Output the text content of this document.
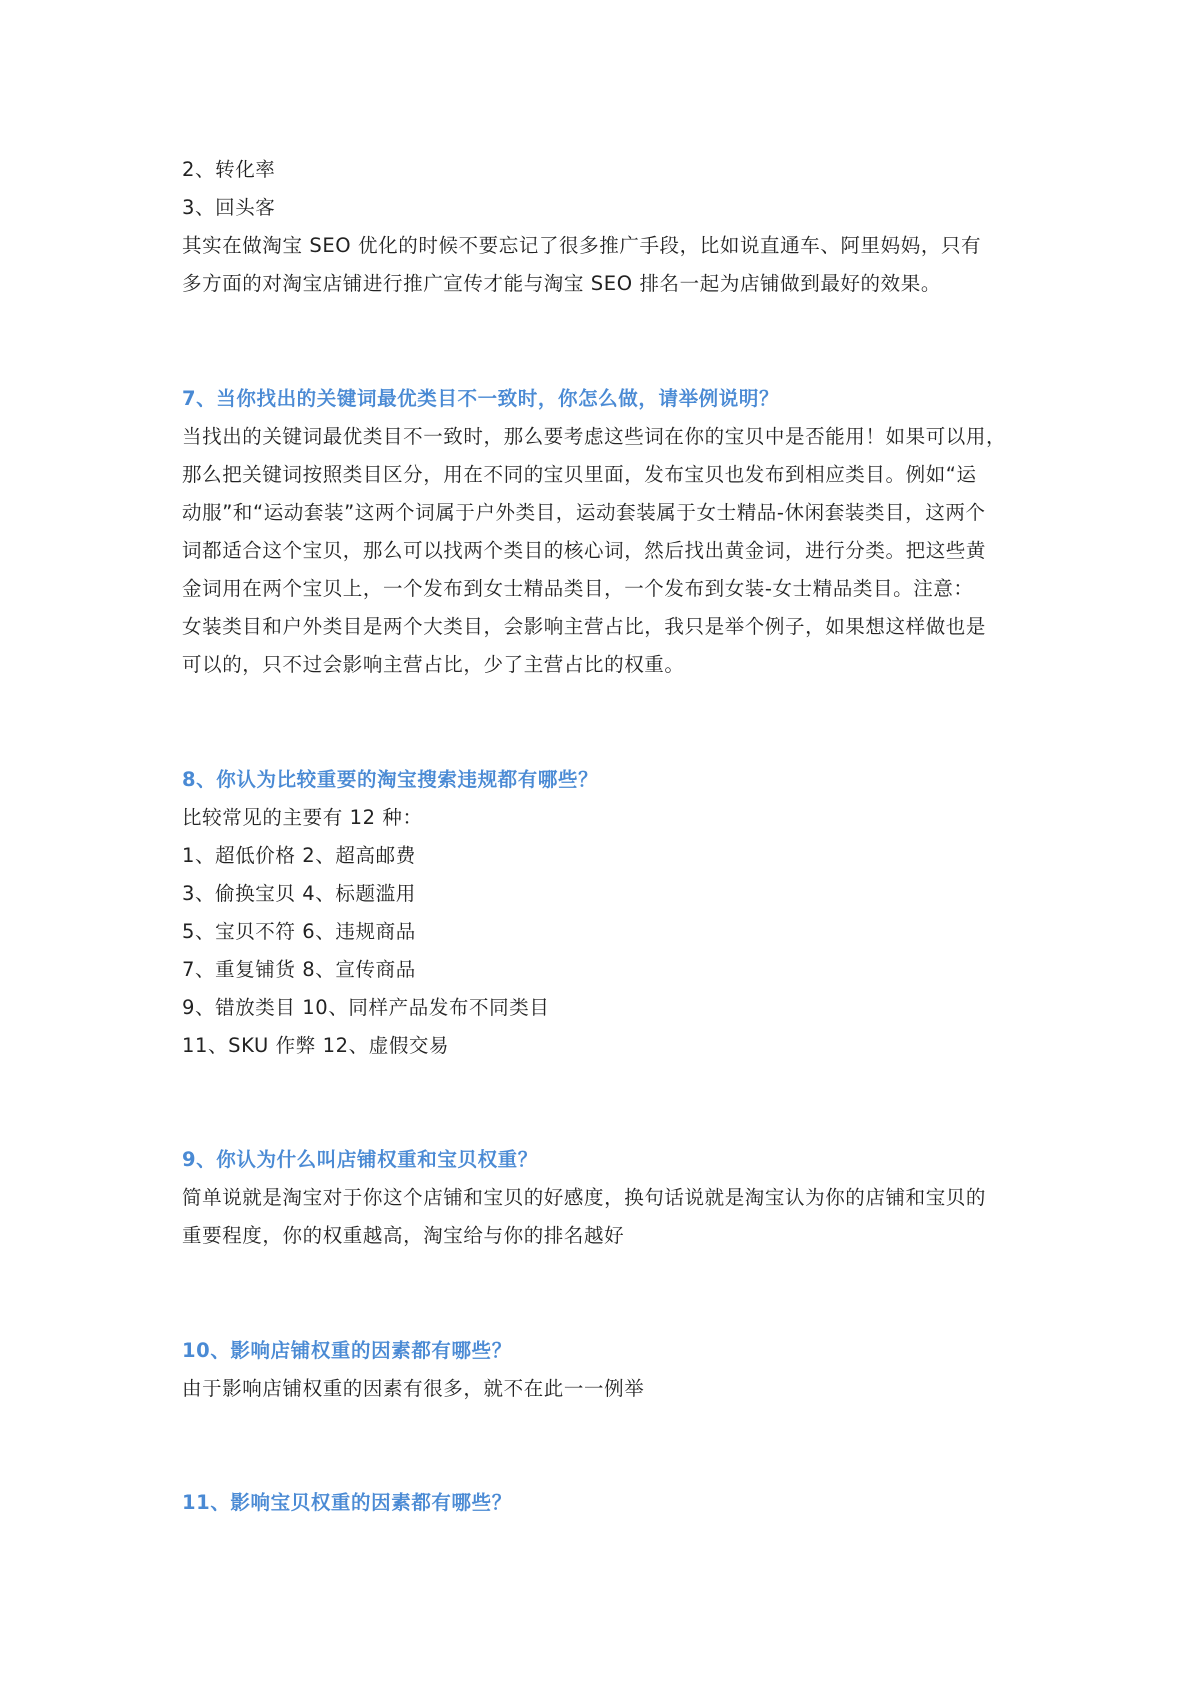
2、转化率
3、回头客
其实在做淘宝 SEO 优化的时候不要忘记了很多推广手段，比如说直通车、阿里妈妈，只有
多方面的对淘宝店铺进行推广宣传才能与淘宝 SEO 排名一起为店铺做到最好的效果。
7、当你找出的关键词最优类目不一致时，你怎么做，请举例说明？
当找出的关键词最优类目不一致时，那么要考虑这些词在你的宝贝中是否能用！如果可以用，
那么把关键词按照类目区分，用在不同的宝贝里面，发布宝贝也发布到相应类目。例如“运
动服”和“运动套装”这两个词属于户外类目，运动套装属于女士精品-休闲套装类目，这两个
词都适合这个宝贝，那么可以找两个类目的核心词，然后找出黄金词，进行分类。把这些黄
金词用在两个宝贝上，一个发布到女士精品类目，一个发布到女装-女士精品类目。注意：
女装类目和户外类目是两个大类目，会影响主营占比，我只是举个例子，如果想这样做也是
可以的，只不过会影响主营占比，少了主营占比的权重。
8、你认为比较重要的淘宝搜索违规都有哪些？
比较常见的主要有 12 种：
1、超低价格 2、超高邮费
3、偷换宝贝 4、标题滥用
5、宝贝不符 6、违规商品
7、重复铺货 8、宣传商品
9、错放类目 10、同样产品发布不同类目
11、SKU 作弊 12、虚假交易
9、你认为什么叫店铺权重和宝贝权重？
简单说就是淘宝对于你这个店铺和宝贝的好感度，换句话说就是淘宝认为你的店铺和宝贝的
重要程度，你的权重越高，淘宝给与你的排名越好
10、影响店铺权重的因素都有哪些？
由于影响店铺权重的因素有很多，就不在此一一例举
11、影响宝贝权重的因素都有哪些？
